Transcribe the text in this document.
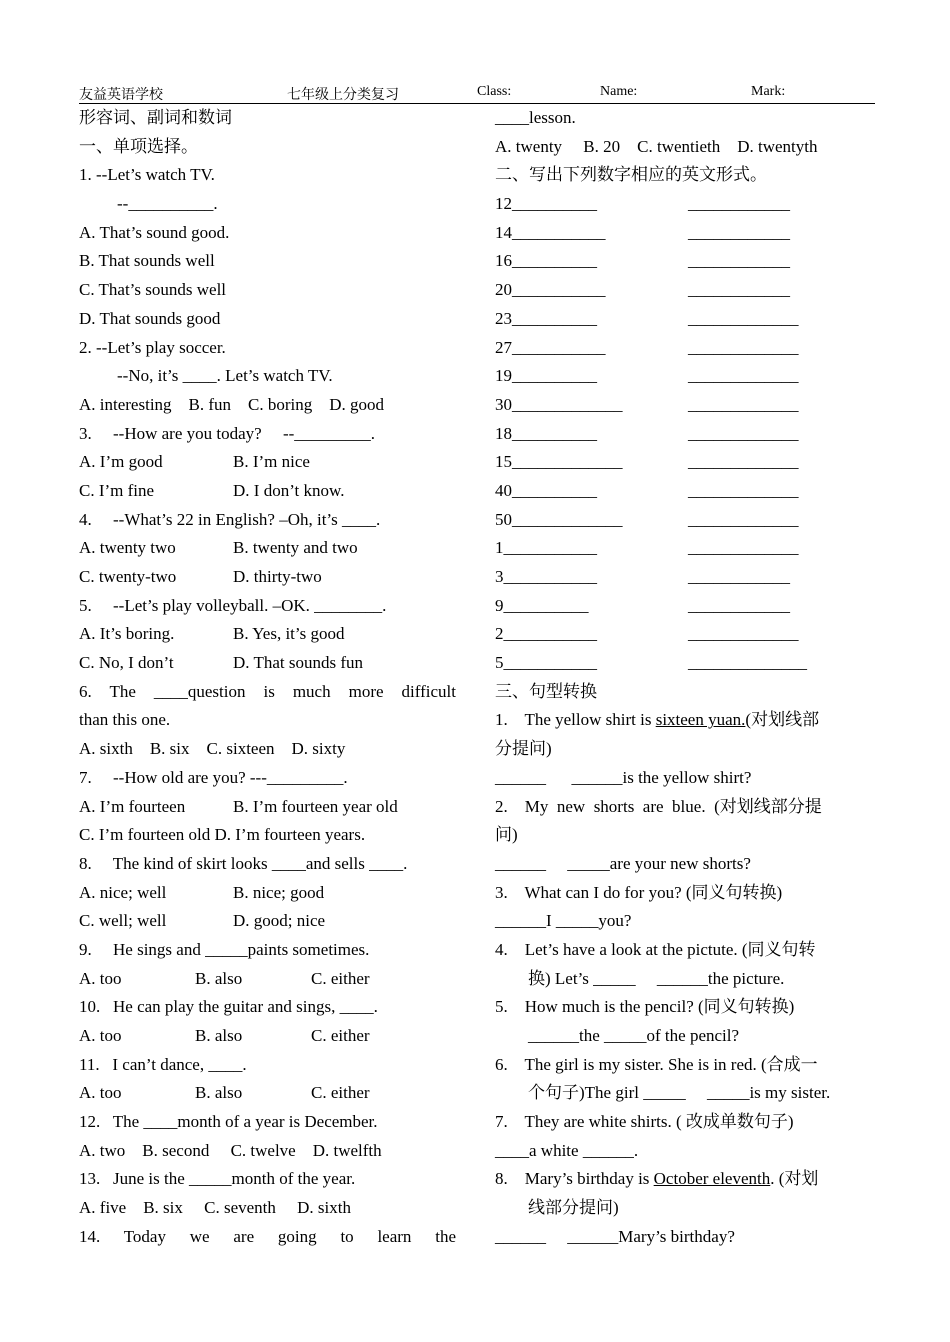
友益英语学校	七年级上分类复习	Class:	Name:	Mark:
形容词、副词和数词
一、单项选择。
1. --Let’s watch TV.
--__________.
A. That’s sound good.
B. That sounds well
C. That’s sounds well
D. That sounds good
2. --Let’s play soccer.
--No, it’s ____. Let’s watch TV.
A. interesting    B. fun    C. boring    D. good
3.     --How are you today?     --_________.
A. I’m good	B. I’m nice
C. I’m fine	D. I don’t know.
4.     --What’s 22 in English? –Oh, it’s ____.
A. twenty two	B. twenty and two
C. twenty-two	D. thirty-two
5.     --Let’s play volleyball. –OK. ________.
A. It’s boring.	B. Yes, it’s good
C. No, I don’t	D. That sounds fun
6. The ____question is much more difficult
than this one.
A. sixth    B. six    C. sixteen    D. sixty
7.     --How old are you? ---_________.
A. I’m fourteen	B. I’m fourteen year old
C. I’m fourteen old D. I’m fourteen years.
8.     The kind of skirt looks ____and sells ____.
A. nice; well	B. nice; good
C. well; well	D. good; nice
9.     He sings and _____paints sometimes.
A. too	B. also	C. either
10.   He can play the guitar and sings, ____.
A. too	B. also	C. either
11.   I can’t dance, ____.
A. too	B. also	C. either
12.   The ____month of a year is December.
A. two    B. second     C. twelve    D. twelfth
13.   June is the _____month of the year.
A. five    B. six     C. seventh     D. sixth
14. Today we are going to learn the
____lesson.
A. twenty     B. 20    C. twentieth    D. twentyth
二、写出下列数字相应的英文形式。
12__________	____________
14___________	____________
16__________	____________
20___________	____________
23__________	_____________
27___________	_____________
19__________	_____________
30_____________	_____________
18__________	_____________
15_____________	_____________
40__________	_____________
50_____________	_____________
1___________	_____________
3___________	____________
9__________	____________
2___________	_____________
5___________	______________
三、句型转换
1.    The yellow shirt is sixteen yuan.(对划线部
分提问)
______      ______is the yellow shirt?
2.    My  new  shorts  are  blue.  (对划线部分提
问)
______     _____are your new shorts?
3.    What can I do for you? (同义句转换)
______I _____you?
4.    Let’s have a look at the pictute. (同义句转
换) Let’s _____     ______the picture.
5.    How much is the pencil? (同义句转换)
______the _____of the pencil?
6.    The girl is my sister. She is in red. (合成一
个句子)The girl _____     _____is my sister.
7.    They are white shirts. ( 改成单数句子)
____a white ______.
8.    Mary’s birthday is October eleventh. (对划
线部分提问)
______     ______Mary’s birthday?
